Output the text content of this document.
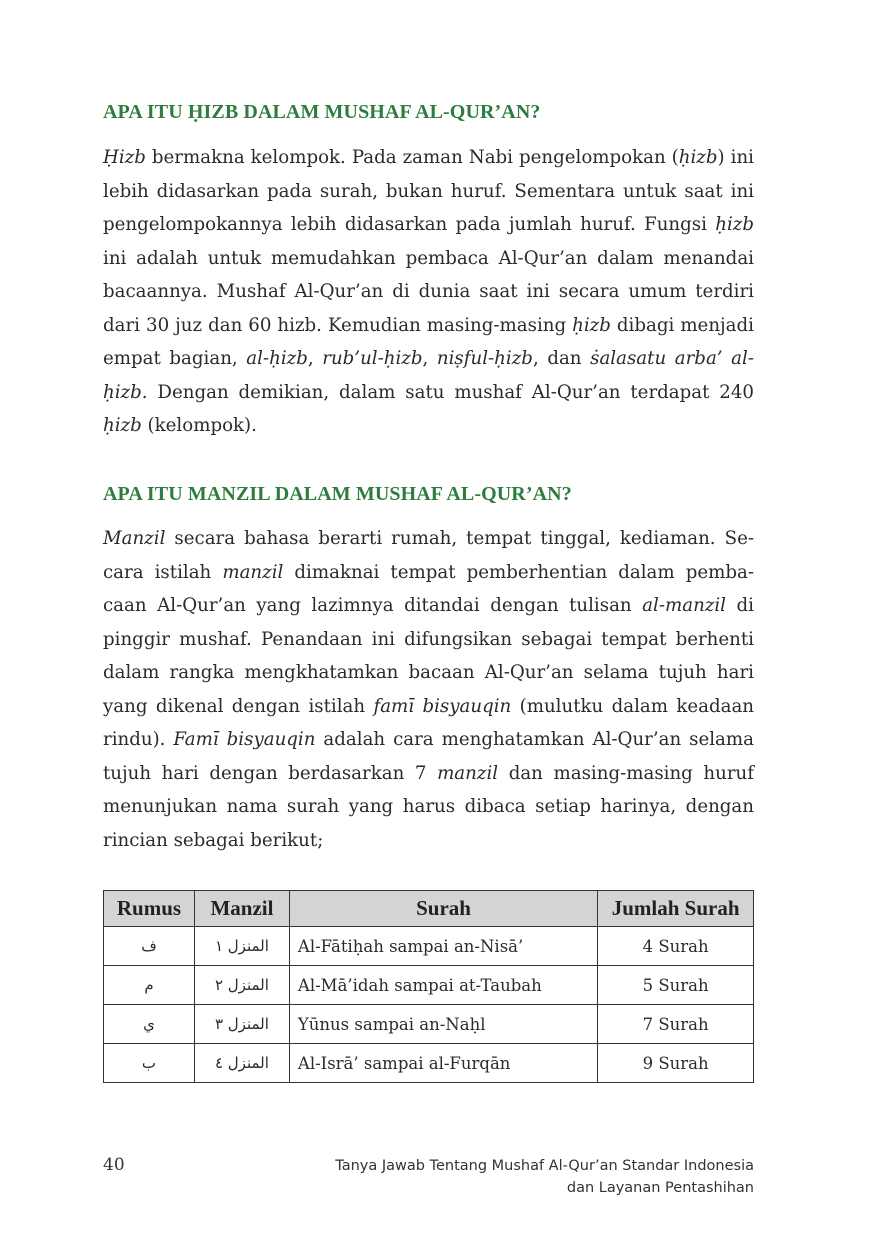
APA ITU ḤIZB DALAM MUSHAF AL-QUR’AN?

Ḥizb bermakna kelompok. Pada zaman Nabi pengelompokan (ḥizb) ini lebih didasarkan pada surah, bukan huruf. Sementara untuk saat ini pengelompokannya lebih didasarkan pada jumlah huruf. Fungsi ḥizb ini adalah untuk memudahkan pembaca Al-Qur’an dalam menandai bacaannya. Mushaf Al-Qur’an di dunia saat ini secara umum terdiri dari 30 juz dan 60 hizb. Kemudian masing-masing ḥizb dibagi menjadi empat bagian, al-ḥizb, rub’ul-ḥizb, niṣful-ḥizb, dan ṡalasatu arba’ al-ḥizb. Dengan demikian, dalam satu mushaf Al-Qur’an terdapat 240 ḥizb (kelompok).

APA ITU MANZIL DALAM MUSHAF AL-QUR’AN?

Manzil secara bahasa berarti rumah, tempat tinggal, kediaman. Secara istilah manzil dimaknai tempat pemberhentian dalam pembacaan Al-Qur’an yang lazimnya ditandai dengan tulisan al-manzil di pinggir mushaf. Penandaan ini difungsikan sebagai tempat berhenti dalam rangka mengkhatamkan bacaan Al-Qur’an selama tujuh hari yang dikenal dengan istilah famī bisyauqin (mulutku dalam keadaan rindu). Famī bisyauqin adalah cara menghatamkan Al-Qur’an selama tujuh hari dengan berdasarkan 7 manzil dan masing-masing huruf menunjukan nama surah yang harus dibaca setiap harinya, dengan rincian sebagai berikut;

Rumus	Manzil	Surah	Jumlah Surah
ف	المنزل ١	Al-Fātiḥah sampai an-Nisā’	4 Surah
م	المنزل ٢	Al-Mā’idah sampai at-Taubah	5 Surah
ي	المنزل ٣	Yūnus sampai an-Naḥl	7 Surah
ب	المنزل ٤	Al-Isrā’ sampai al-Furqān	9 Surah
40	Tanya Jawab Tentang Mushaf Al-Qur’an Standar Indonesia
dan Layanan Pentashihan
